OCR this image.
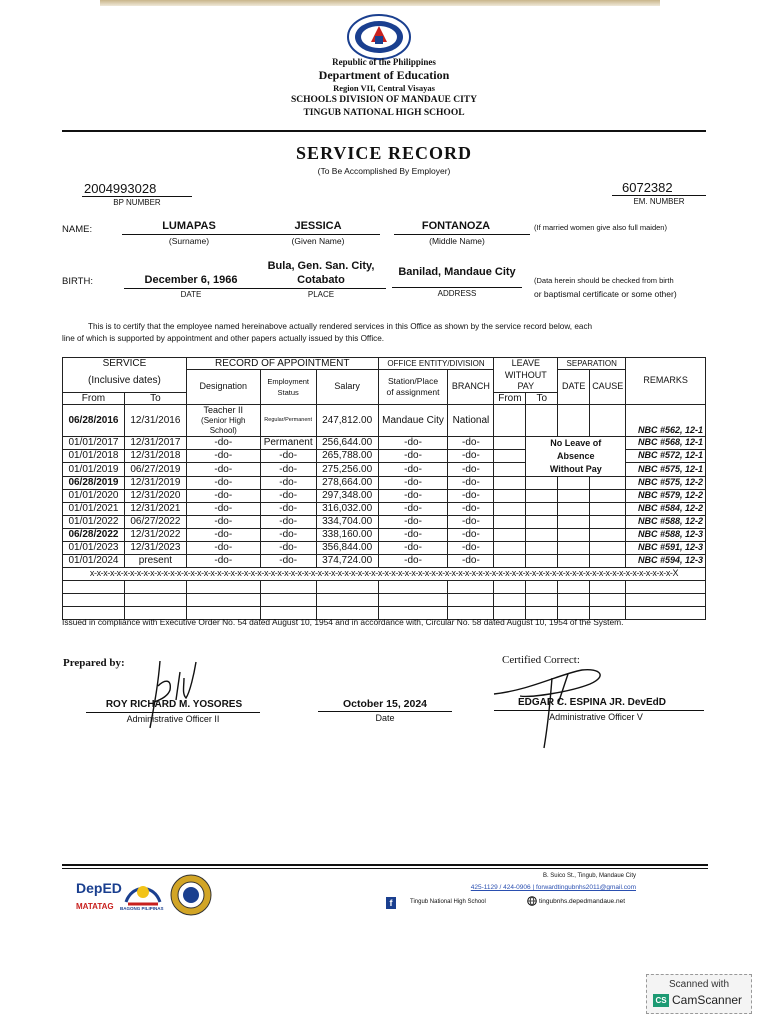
Republic of the Philippines
Department of Education
Region VII, Central Visayas
SCHOOLS DIVISION OF MANDAUE CITY
TINGUB NATIONAL HIGH SCHOOL
SERVICE RECORD
(To Be Accomplished By Employer)
2004993028
BP NUMBER
6072382
EM. NUMBER
NAME:	LUMAPAS
(Surname)
JESSICA
(Given Name)
FONTANOZA
(Middle Name)
(If married women give also full maiden)
BIRTH:	December 6, 1966
DATE
Bula, Gen. San. City,
Cotabato
PLACE
Banilad, Mandaue City
ADDRESS
(Data herein should be checked from birth
or baptismal certificate or some other)
This is to certify that the employee named hereinabove actually rendered services in this Office as shown by the service record below, each
line of which is supported by appointment and other papers actually issued by this Office.
SERVICE		RECORD OF APPOINTMENT			OFFICE ENTITY/DIVISION		LEAVE		SEPARATION		REMARKS
(Inclusive dates)		Designation	Employment
Status	Salary	Station/Place
of assignment	BRANCH	WITHOUT PAY		DATE	CAUSE	
From	To						From	To			
06/28/2016	12/31/2016	Teacher II
(Senior High
School)	Regular/Permanent	247,812.00	Mandaue City	National					NBC #562, 12-1
01/01/2017	12/31/2017	-do-	Permanent	256,644.00	-do-	-do-		No Leave of
Absence
Without Pay			NBC #568, 12-1
01/01/2018	12/31/2018	-do-	-do-	265,788.00	-do-	-do-					NBC #572, 12-1
01/01/2019	06/27/2019	-do-	-do-	275,256.00	-do-	-do-					NBC #575, 12-1
06/28/2019	12/31/2019	-do-	-do-	278,664.00	-do-	-do-					NBC #575, 12-2
01/01/2020	12/31/2020	-do-	-do-	297,348.00	-do-	-do-					NBC #579, 12-2
01/01/2021	12/31/2021	-do-	-do-	316,032.00	-do-	-do-					NBC #584, 12-2
01/01/2022	06/27/2022	-do-	-do-	334,704.00	-do-	-do-					NBC #588, 12-2
06/28/2022	12/31/2022	-do-	-do-	338,160.00	-do-	-do-					NBC #588, 12-3
01/01/2023	12/31/2023	-do-	-do-	356,844.00	-do-	-do-					NBC #591, 12-3
01/01/2024	present	-do-	-do-	374,724.00	-do-	-do-					NBC #594, 12-3
x-x-x-x-x-x-x-x-x-x-x-x-x-x-x-x-x-x-x-x-x-x-x-x-x-x-x-x-x-x-x-x-x-x-x-x-x-x-x-x-x-x-x-x-x-x-x-x-x-x-x-x-x-x-x-x-x-x-x-x-x-x-x-x-x-x-x-x-x-x-x-x-x-x-x-x-x-x-x-x-x-x-x-x-x-x-x-X											

Prepared by:
ROY RICHARD M. YOSORES
Administrative Officer II
October 15, 2024
Date
Certified Correct:
EDGAR C. ESPINA JR. DevEdD
Administrative Officer V
Issued in compliance with Executive Order No. 54 dated August 10, 1954 and in accordance with, Circular No. 58 dated August 10, 1954 of the System.
DepED
MATATAG BAGONG PILIPINAS
B. Suico St., Tingub, Mandaue City
425-1129 / 424-0906 | forwardtingubnhs2011@gmail.com
f	Tingub National High School	tingubnhs.depedmandaue.net
Scanned with
CS CamScanner
